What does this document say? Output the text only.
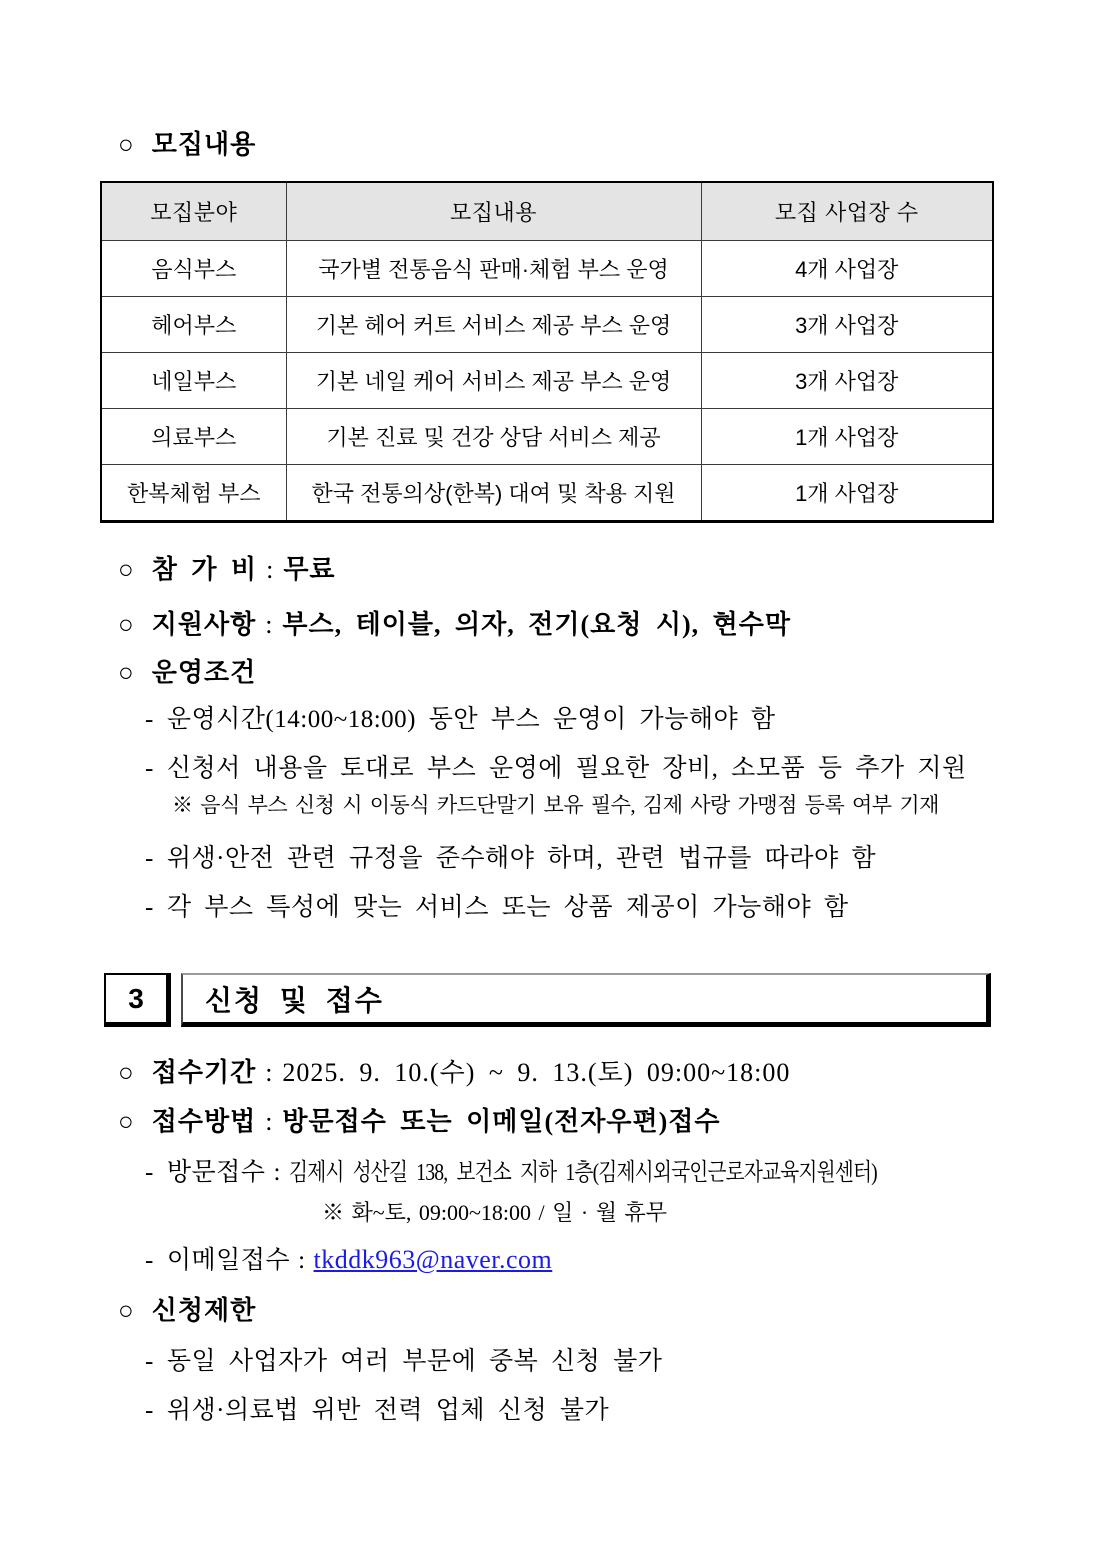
○ 모집내용
모집분야	모집내용	모집 사업장 수
음식부스	국가별 전통음식 판매·체험 부스 운영	4개 사업장
헤어부스	기본 헤어 커트 서비스 제공 부스 운영	3개 사업장
네일부스	기본 네일 케어 서비스 제공 부스 운영	3개 사업장
의료부스	기본 진료 및 건강 상담 서비스 제공	1개 사업장
한복체험 부스	한국 전통의상(한복) 대여 및 착용 지원	1개 사업장
○ 참 가 비 : 무료
○ 지원사항 : 부스, 테이블, 의자, 전기(요청 시), 현수막
○ 운영조건
- 운영시간(14:00~18:00) 동안 부스 운영이 가능해야 함
- 신청서 내용을 토대로 부스 운영에 필요한 장비, 소모품 등 추가 지원
※ 음식 부스 신청 시 이동식 카드단말기 보유 필수, 김제 사랑 가맹점 등록 여부 기재
- 위생·안전 관련 규정을 준수해야 하며, 관련 법규를 따라야 함
- 각 부스 특성에 맞는 서비스 또는 상품 제공이 가능해야 함
3 신청 및 접수
○ 접수기간 : 2025. 9. 10.(수) ~ 9. 13.(토) 09:00~18:00
○ 접수방법 : 방문접수 또는 이메일(전자우편)접수
- 방문접수 : 김제시 성산길 138, 보건소 지하 1층(김제시외국인근로자교육지원센터)
※ 화~토, 09:00~18:00 / 일 · 월 휴무
- 이메일접수 : tkddk963@naver.com
○ 신청제한
- 동일 사업자가 여러 부문에 중복 신청 불가
- 위생·의료법 위반 전력 업체 신청 불가
